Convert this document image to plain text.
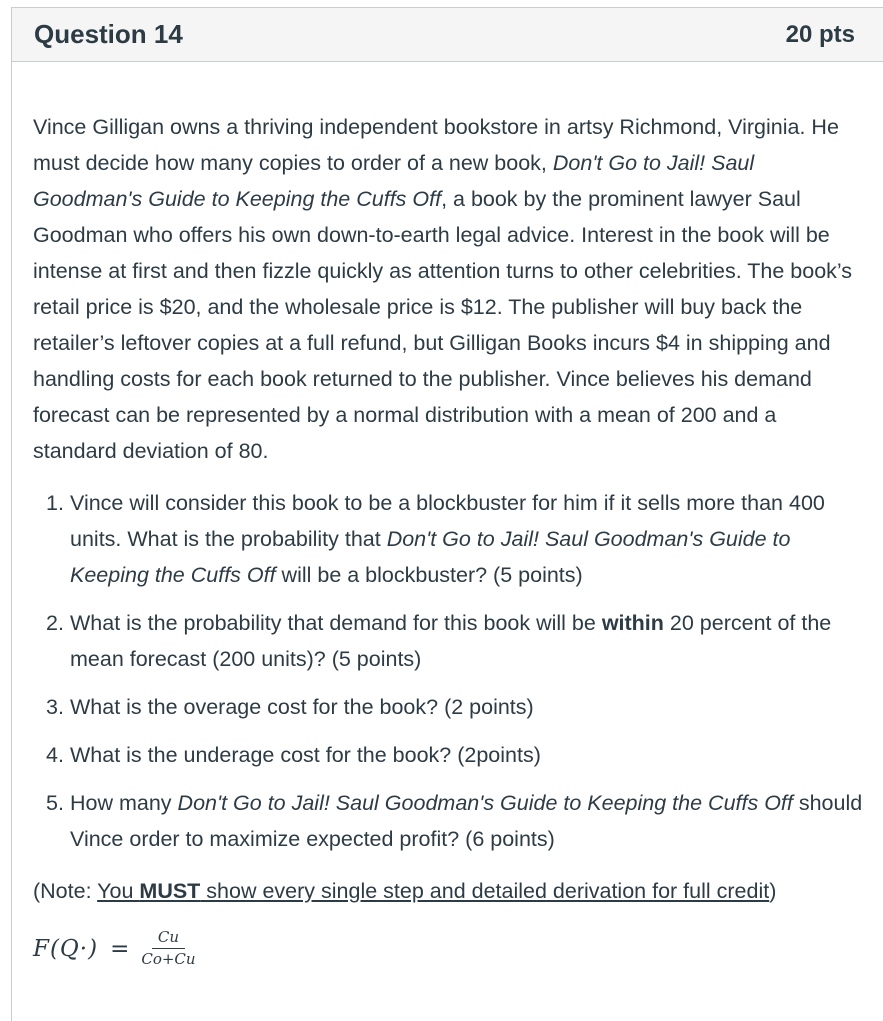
Question 14	20 pts

Vince Gilligan owns a thriving independent bookstore in artsy Richmond, Virginia. He must decide how many copies to order of a new book, Don't Go to Jail! Saul Goodman's Guide to Keeping the Cuffs Off, a book by the prominent lawyer Saul Goodman who offers his own down-to-earth legal advice. Interest in the book will be intense at first and then fizzle quickly as attention turns to other celebrities. The book’s retail price is $20, and the wholesale price is $12. The publisher will buy back the retailer’s leftover copies at a full refund, but Gilligan Books incurs $4 in shipping and handling costs for each book returned to the publisher. Vince believes his demand forecast can be represented by a normal distribution with a mean of 200 and a standard deviation of 80.

1. Vince will consider this book to be a blockbuster for him if it sells more than 400 units. What is the probability that Don't Go to Jail! Saul Goodman's Guide to Keeping the Cuffs Off will be a blockbuster? (5 points)
2. What is the probability that demand for this book will be within 20 percent of the mean forecast (200 units)? (5 points)
3. What is the overage cost for the book? (2 points)
4. What is the underage cost for the book? (2points)
5. How many Don't Go to Jail! Saul Goodman's Guide to Keeping the Cuffs Off should Vince order to maximize expected profit? (6 points)

(Note: You MUST show every single step and detailed derivation for full credit)

$F(Q\cdot) = \frac{Cu}{Co+Cu}$
